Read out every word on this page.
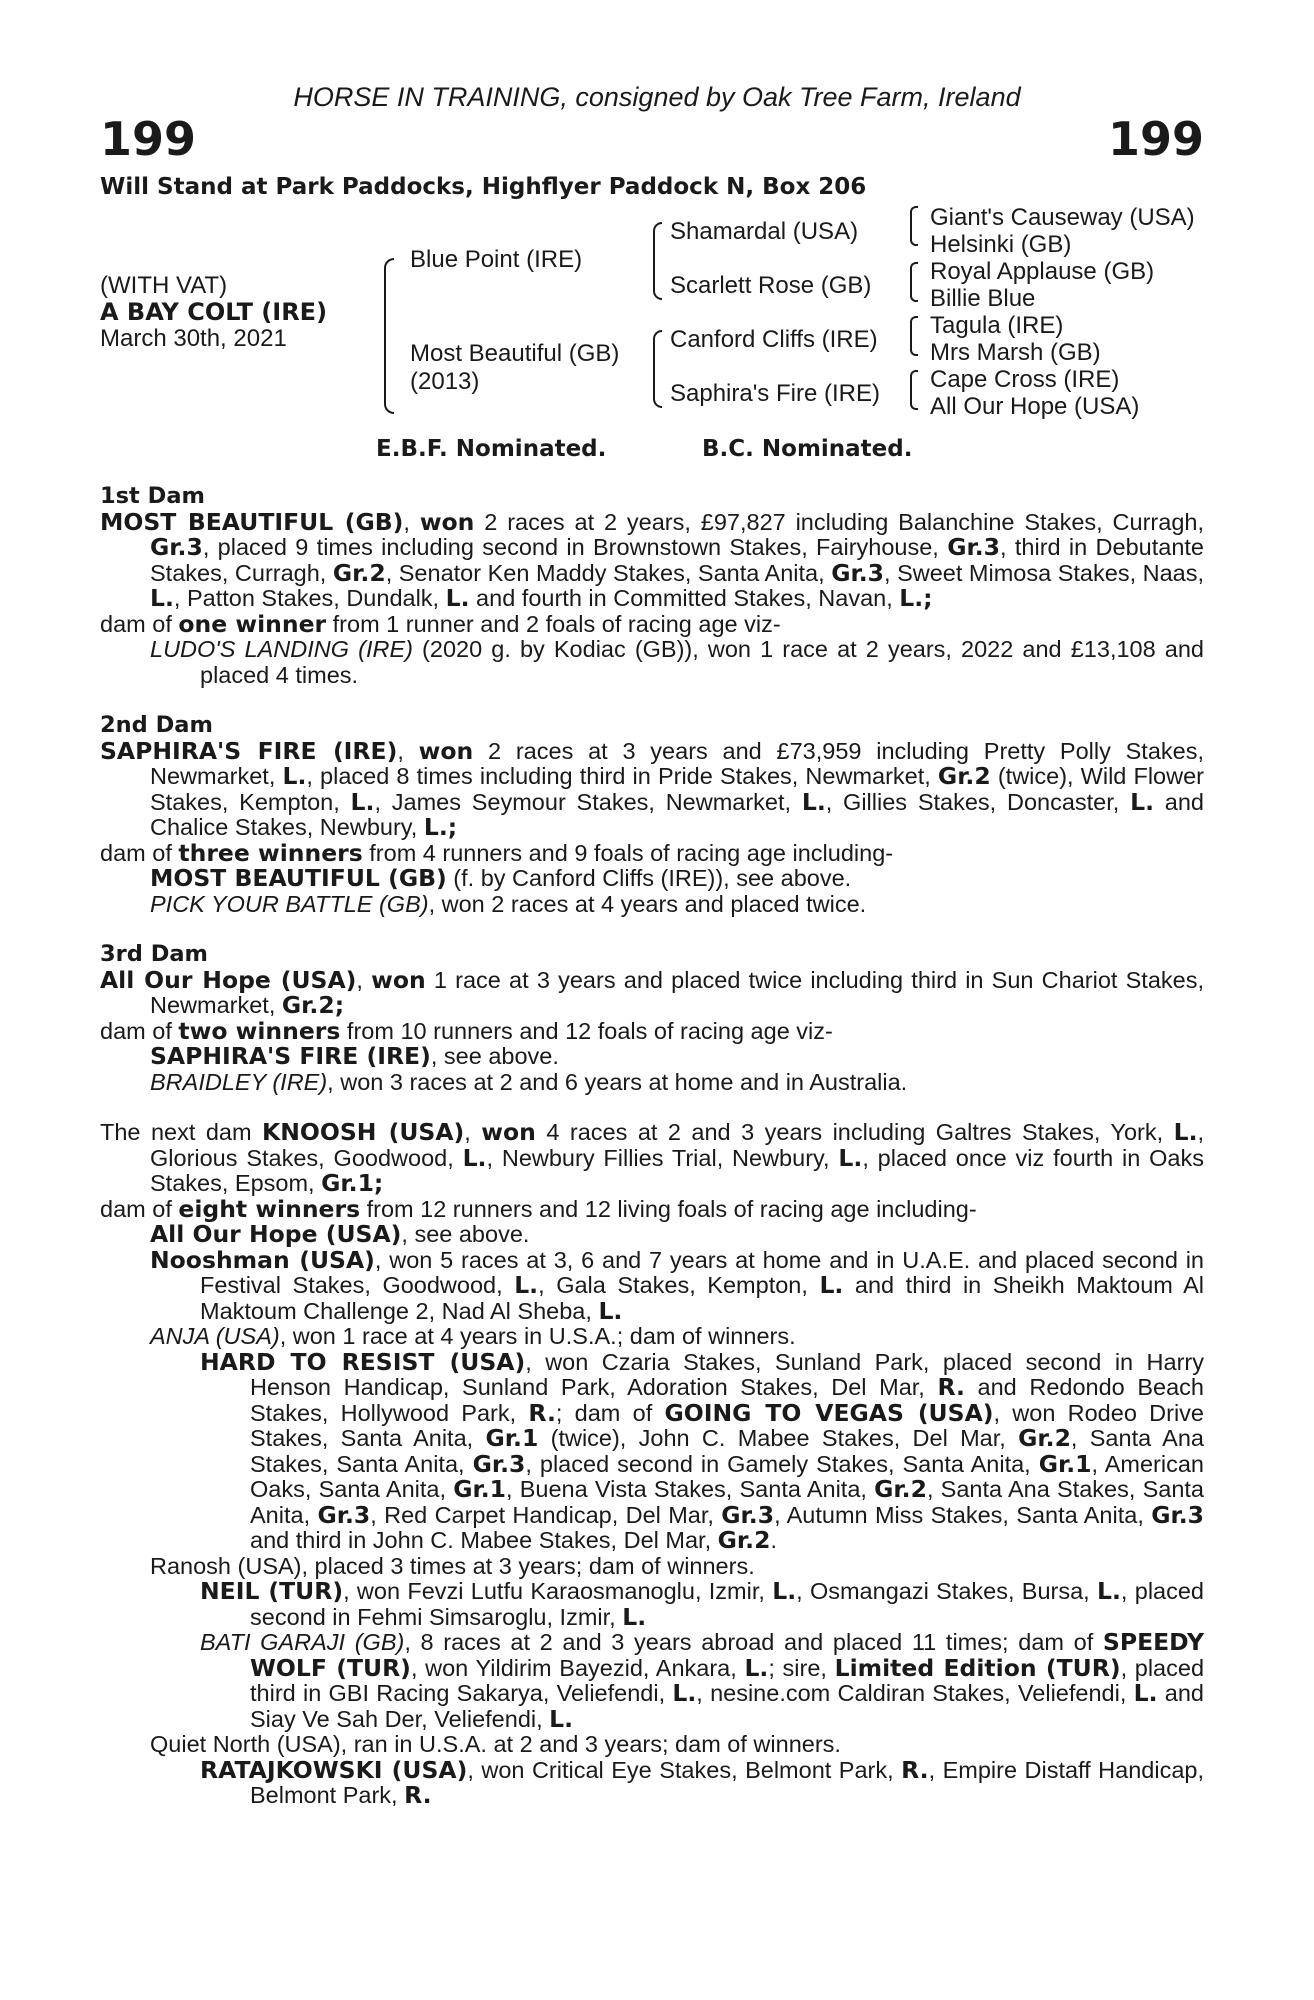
HORSE IN TRAINING, consigned by Oak Tree Farm, Ireland
199	199
Will Stand at Park Paddocks, Highflyer Paddock N, Box 206
(WITH VAT)
A BAY COLT (IRE)
March 30th, 2021
Blue Point (IRE)
Most Beautiful (GB)
(2013)
Shamardal (USA)
Scarlett Rose (GB)
Canford Cliffs (IRE)
Saphira's Fire (IRE)
Giant's Causeway (USA)
Helsinki (GB)
Royal Applause (GB)
Billie Blue
Tagula (IRE)
Mrs Marsh (GB)
Cape Cross (IRE)
All Our Hope (USA)
E.B.F. Nominated.	B.C. Nominated.

1st Dam

MOST BEAUTIFUL (GB), won 2 races at 2 years, £97,827 including Balanchine Stakes, Curragh, Gr.3, placed 9 times including second in Brownstown Stakes, Fairyhouse, Gr.3, third in Debutante Stakes, Curragh, Gr.2, Senator Ken Maddy Stakes, Santa Anita, Gr.3, Sweet Mimosa Stakes, Naas, L., Patton Stakes, Dundalk, L. and fourth in Committed Stakes, Navan, L.;

dam of one winner from 1 runner and 2 foals of racing age viz-

LUDO'S LANDING (IRE) (2020 g. by Kodiac (GB)), won 1 race at 2 years, 2022 and £13,108 and placed 4 times.

2nd Dam

SAPHIRA'S FIRE (IRE), won 2 races at 3 years and £73,959 including Pretty Polly Stakes, Newmarket, L., placed 8 times including third in Pride Stakes, Newmarket, Gr.2 (twice), Wild Flower Stakes, Kempton, L., James Seymour Stakes, Newmarket, L., Gillies Stakes, Doncaster, L. and Chalice Stakes, Newbury, L.;

dam of three winners from 4 runners and 9 foals of racing age including-

MOST BEAUTIFUL (GB) (f. by Canford Cliffs (IRE)), see above.

PICK YOUR BATTLE (GB), won 2 races at 4 years and placed twice.

3rd Dam

All Our Hope (USA), won 1 race at 3 years and placed twice including third in Sun Chariot Stakes, Newmarket, Gr.2;

dam of two winners from 10 runners and 12 foals of racing age viz-

SAPHIRA'S FIRE (IRE), see above.

BRAIDLEY (IRE), won 3 races at 2 and 6 years at home and in Australia.

The next dam KNOOSH (USA), won 4 races at 2 and 3 years including Galtres Stakes, York, L., Glorious Stakes, Goodwood, L., Newbury Fillies Trial, Newbury, L., placed once viz fourth in Oaks Stakes, Epsom, Gr.1;

dam of eight winners from 12 runners and 12 living foals of racing age including-

All Our Hope (USA), see above.

Nooshman (USA), won 5 races at 3, 6 and 7 years at home and in U.A.E. and placed second in Festival Stakes, Goodwood, L., Gala Stakes, Kempton, L. and third in Sheikh Maktoum Al Maktoum Challenge 2, Nad Al Sheba, L.

ANJA (USA), won 1 race at 4 years in U.S.A.; dam of winners.

HARD TO RESIST (USA), won Czaria Stakes, Sunland Park, placed second in Harry Henson Handicap, Sunland Park, Adoration Stakes, Del Mar, R. and Redondo Beach Stakes, Hollywood Park, R.; dam of GOING TO VEGAS (USA), won Rodeo Drive Stakes, Santa Anita, Gr.1 (twice), John C. Mabee Stakes, Del Mar, Gr.2, Santa Ana Stakes, Santa Anita, Gr.3, placed second in Gamely Stakes, Santa Anita, Gr.1, American Oaks, Santa Anita, Gr.1, Buena Vista Stakes, Santa Anita, Gr.2, Santa Ana Stakes, Santa Anita, Gr.3, Red Carpet Handicap, Del Mar, Gr.3, Autumn Miss Stakes, Santa Anita, Gr.3 and third in John C. Mabee Stakes, Del Mar, Gr.2.

Ranosh (USA), placed 3 times at 3 years; dam of winners.

NEIL (TUR), won Fevzi Lutfu Karaosmanoglu, Izmir, L., Osmangazi Stakes, Bursa, L., placed second in Fehmi Simsaroglu, Izmir, L.

BATI GARAJI (GB), 8 races at 2 and 3 years abroad and placed 11 times; dam of SPEEDY WOLF (TUR), won Yildirim Bayezid, Ankara, L.; sire, Limited Edition (TUR), placed third in GBI Racing Sakarya, Veliefendi, L., nesine.com Caldiran Stakes, Veliefendi, L. and Siay Ve Sah Der, Veliefendi, L.

Quiet North (USA), ran in U.S.A. at 2 and 3 years; dam of winners.

RATAJKOWSKI (USA), won Critical Eye Stakes, Belmont Park, R., Empire Distaff Handicap, Belmont Park, R.
